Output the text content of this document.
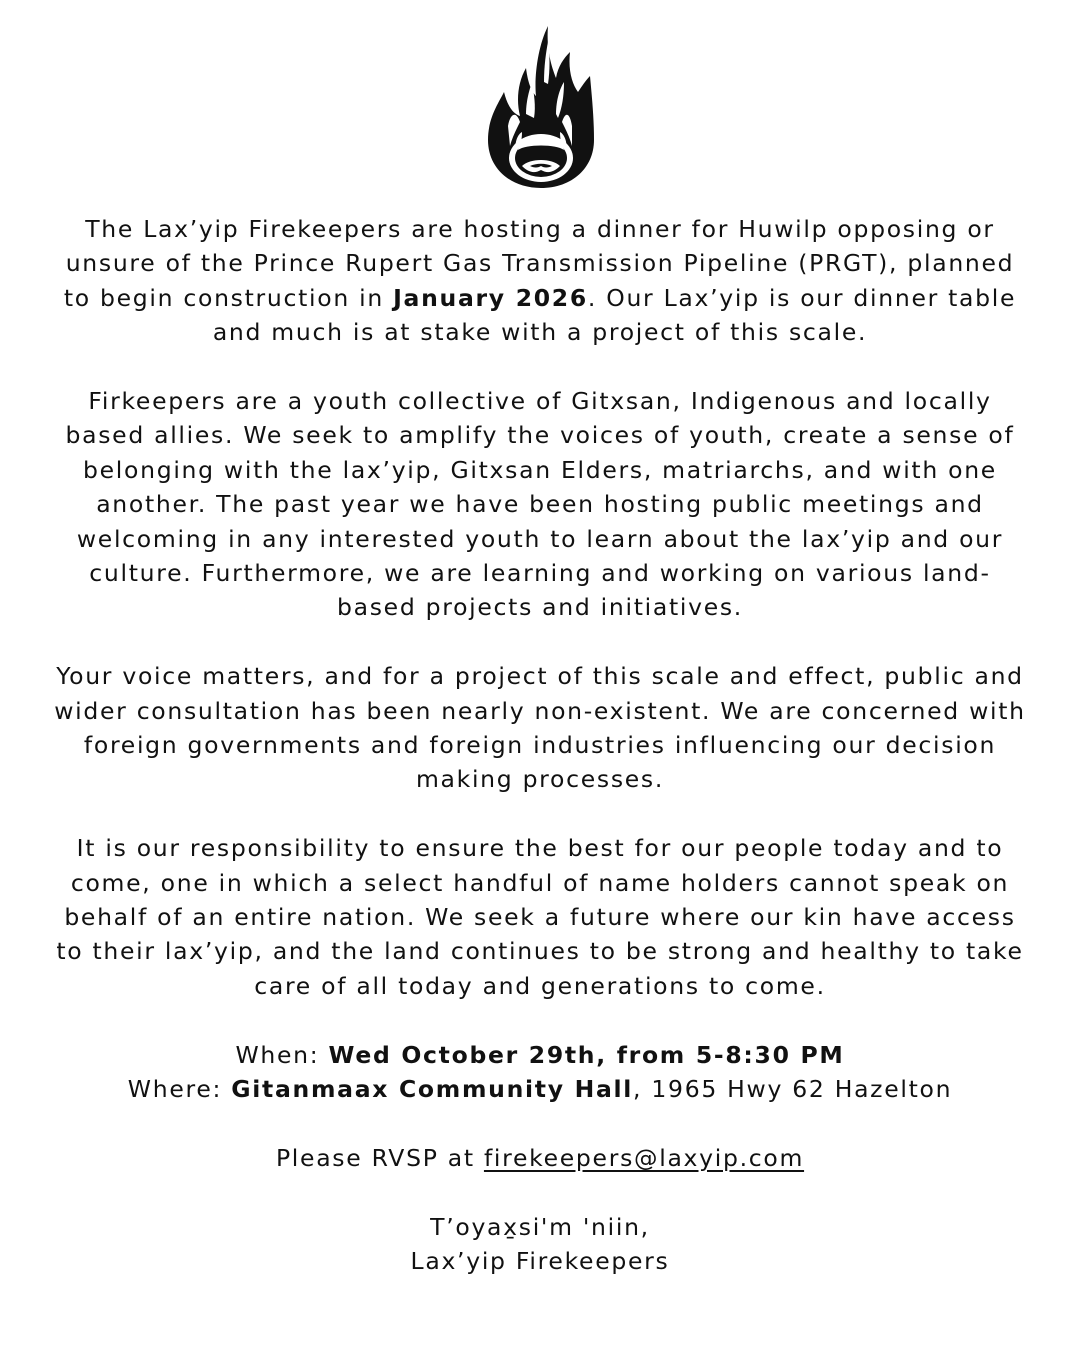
The Lax’yip Firekeepers are hosting a dinner for Huwilp opposing or unsure of the Prince Rupert Gas Transmission Pipeline (PRGT), planned to begin construction in January 2026. Our Lax’yip is our dinner table and much is at stake with a project of this scale.

Firkeepers are a youth collective of Gitxsan, Indigenous and locally based allies. We seek to amplify the voices of youth, create a sense of belonging with the lax’yip, Gitxsan Elders, matriarchs, and with one another. The past year we have been hosting public meetings and welcoming in any interested youth to learn about the lax’yip and our culture. Furthermore, we are learning and working on various land-based projects and initiatives.

Your voice matters, and for a project of this scale and effect, public and wider consultation has been nearly non-existent. We are concerned with foreign governments and foreign industries influencing our decision making processes.

It is our responsibility to ensure the best for our people today and to come, one in which a select handful of name holders cannot speak on behalf of an entire nation. We seek a future where our kin have access to their lax’yip, and the land continues to be strong and healthy to take care of all today and generations to come.

When: Wed October 29th, from 5-8:30 PM
Where: Gitanmaax Community Hall, 1965 Hwy 62 Hazelton

Please RVSP at firekeepers@laxyip.com

T’oyax̱si'm 'niin,
Lax’yip Firekeepers
